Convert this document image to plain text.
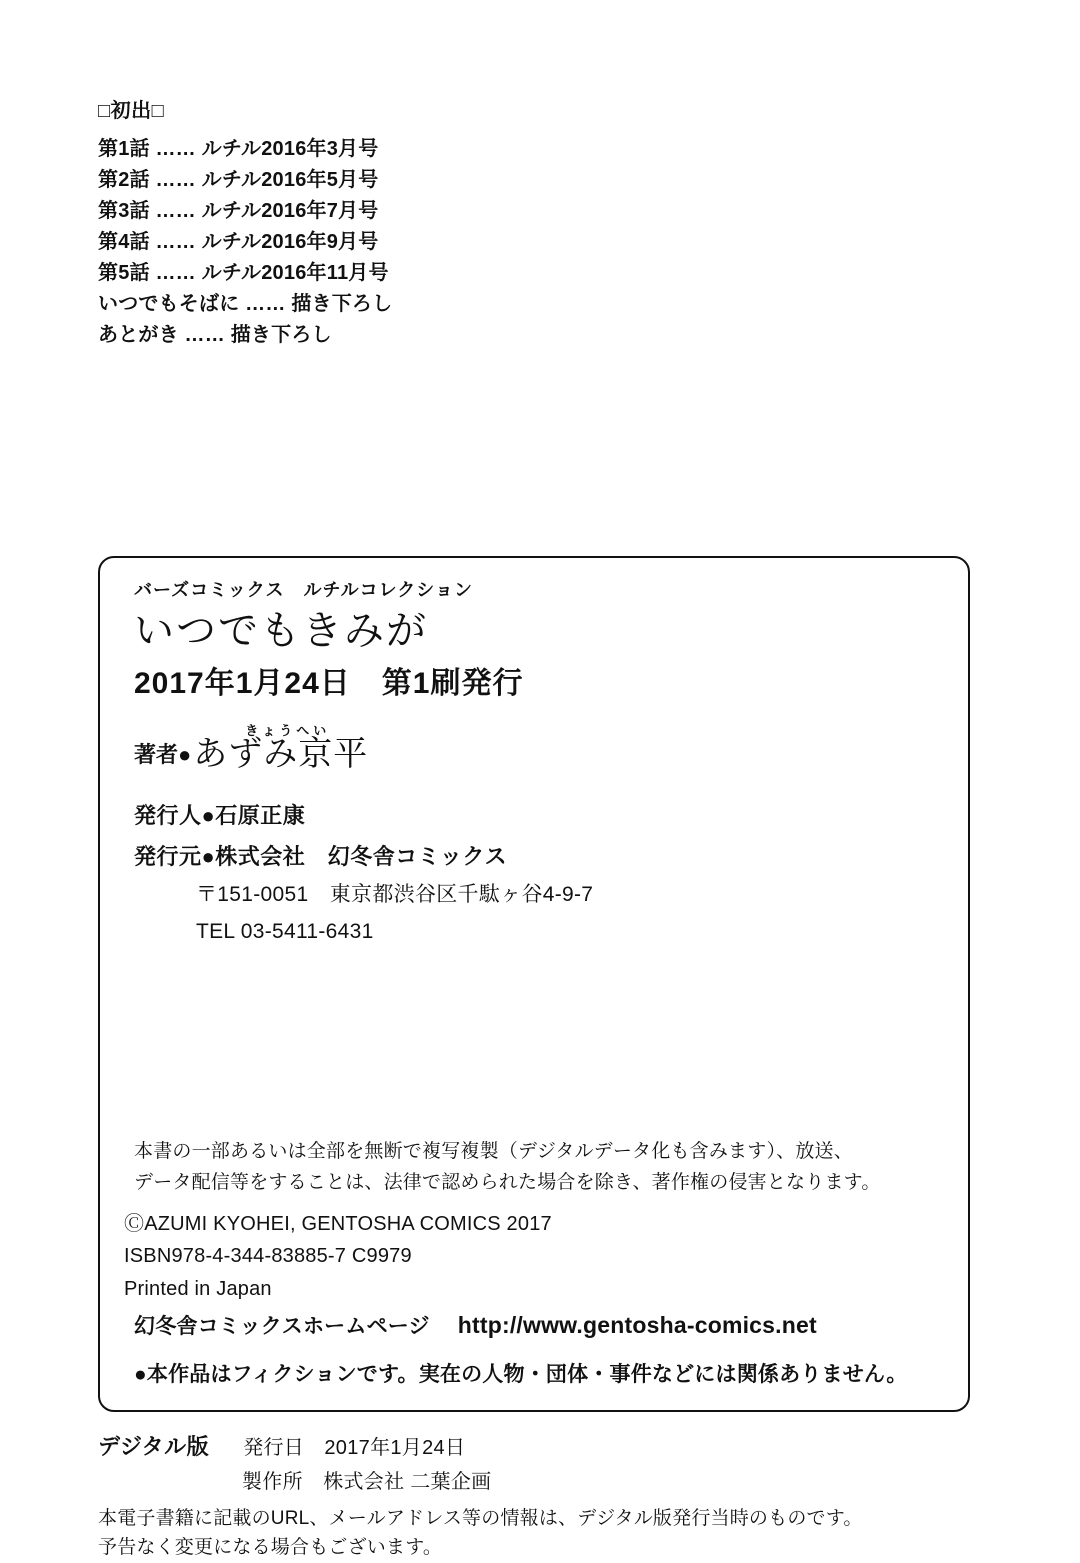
□初出□
第1話 …… ルチル2016年3月号
第2話 …… ルチル2016年5月号
第3話 …… ルチル2016年7月号
第4話 …… ルチル2016年9月号
第5話 …… ルチル2016年11月号
いつでもそばに …… 描き下ろし
あとがき …… 描き下ろし
バーズコミックス　ルチルコレクション
いつでもきみが
2017年1月24日　第1刷発行
著者●
きょうへい
あずみ京平
発行人●石原正康
発行元●株式会社　幻冬舎コミックス
〒151-0051　東京都渋谷区千駄ヶ谷4-9-7
TEL 03-5411-6431
本書の一部あるいは全部を無断で複写複製（デジタルデータ化も含みます）、放送、
データ配信等をすることは、法律で認められた場合を除き、著作権の侵害となります。
ⒸAZUMI KYOHEI, GENTOSHA COMICS 2017
ISBN978-4-344-83885-7 C9979
Printed in Japan
幻冬舎コミックスホームページ http://www.gentosha-comics.net
●本作品はフィクションです。実在の人物・団体・事件などには関係ありません。
デジタル版 発行日　2017年1月24日
製作所　株式会社 二葉企画
本電子書籍に記載のURL、メールアドレス等の情報は、デジタル版発行当時のものです。
予告なく変更になる場合もございます。
